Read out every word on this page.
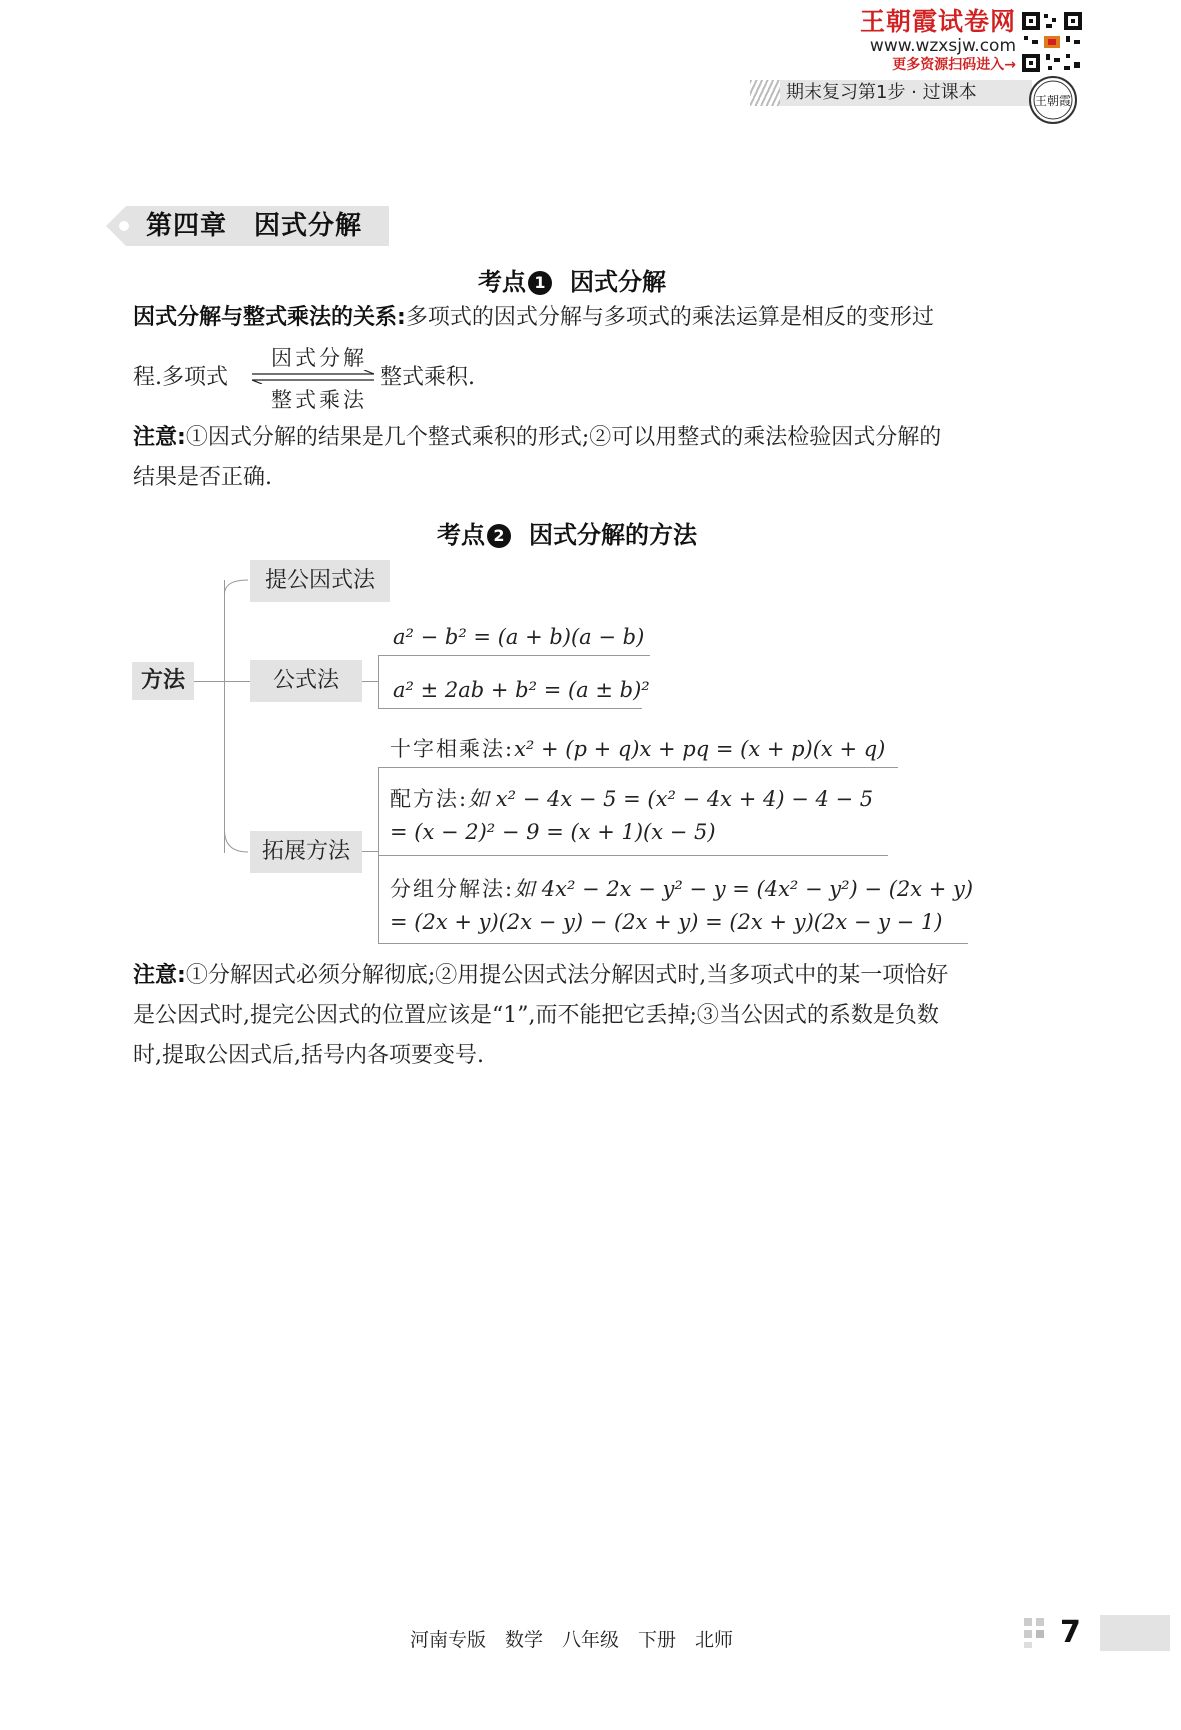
王朝霞试卷网
www.wzxsjw.com
更多资源扫码进入→
期末复习第1步 · 过课本	王朝霞
第四章　因式分解
考点 1 因式分解
因式分解与整式乘法的关系:多项式的因式分解与多项式的乘法运算是相反的变形过
程.多项式
因式分解
整式乘法
整式乘积.
注意:①因式分解的结果是几个整式乘积的形式;②可以用整式的乘法检验因式分解的
结果是否正确.
考点 2 因式分解的方法
方法
提公因式法
公式法
拓展方法
a² − b² = (a + b)(a − b)
a² ± 2ab + b² = (a ± b)²
十字相乘法:x² + (p + q)x + pq = (x + p)(x + q)
配方法:如 x² − 4x − 5 = (x² − 4x + 4) − 4 − 5
= (x − 2)² − 9 = (x + 1)(x − 5)
分组分解法:如 4x² − 2x − y² − y = (4x² − y²) − (2x + y)
= (2x + y)(2x − y) − (2x + y) = (2x + y)(2x − y − 1)
注意:①分解因式必须分解彻底;②用提公因式法分解因式时,当多项式中的某一项恰好
是公因式时,提完公因式的位置应该是“1”,而不能把它丢掉;③当公因式的系数是负数
时,提取公因式后,括号内各项要变号.
河南专版　数学　八年级　下册　北师	7
